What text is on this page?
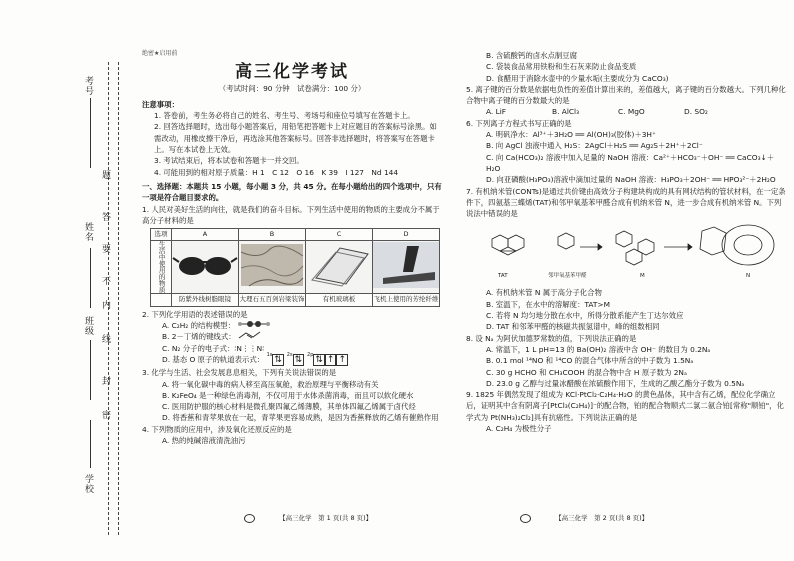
题
答
要
不
内
线
封
密
考号
姓名
班级
学校
绝密★启用前
高三化学考试
（考试时间：90 分钟　试卷满分：100 分）

注意事项：

1. 答卷前，考生务必将自己的姓名、考生号、考场号和座位号填写在答题卡上。

2. 回答选择题时，选出每小题答案后，用铅笔把答题卡上对应题目的答案标号涂黑。如需改动，用橡皮擦干净后，再选涂其他答案标号。回答非选择题时，将答案写在答题卡上。写在本试卷上无效。

3. 考试结束后，将本试卷和答题卡一并交回。

4. 可能用到的相对原子质量：H 1　C 12　O 16　K 39　I 127　Nd 144

一、选择题：本题共 15 小题，每小题 3 分，共 45 分。在每小题给出的四个选项中，只有一项是符合题目要求的。

1. 人民对美好生活的向往，就是我们的奋斗目标。下列生活中使用的物质的主要成分不属于高分子材料的是

选项	A	B	C	D
生活中使用的物质				
	防紫外线树脂眼镜	大理石五百剑岩梁装饰	有机玻璃板	飞机上使用的芳纶纤维

2. 下列化学用语的表述错误的是

A. C₂H₂ 的结构模型：

B. 2－丁烯的键线式：

C. N₂ 分子的电子式：∶N⋮⋮N∶

D. 基态 O 原子的轨道表示式： $^{1s}$ ⇅ $^{2s}$ ⇅ $^{2p}$ ⇅ ↑ ↑

3. 化学与生活、社会发展息息相关，下列有关说法错误的是

A. 将一氧化碳中毒的病人移至高压氧舱，救治原理与平衡移动有关

B. K₂FeO₄ 是一种绿色消毒剂，不仅可用于水体杀菌消毒，而且可以软化硬水

C. 医用防护服的核心材料是微孔聚四氟乙烯薄膜，其单体四氟乙烯属于卤代烃

D. 将香蕉和青苹果放在一起，青苹果更容易成熟，是因为香蕉释放的乙烯有催熟作用

4. 下列物质的应用中，涉及氧化还原反应的是

A. 热的纯碱溶液清洗油污

【高三化学　第 1 页(共 8 页)】

B. 含硫酸钙的卤水点制豆腐

C. 袋装食品常用铁粉和生石灰来防止食品变质

D. 食醋用于消除水壶中的少量水垢(主要成分为 CaCO₃)

5. 离子键的百分数是依据电负性的差值计算出来的，差值越大，离子键的百分数越大。下列几种化合物中离子键的百分数最大的是

A. LiF	B. AlCl₃	C. MgO	D. SO₂

6. 下列离子方程式书写正确的是

A. 明矾净水：Al³⁺＋3H₂O ══ Al(OH)₃(胶体)＋3H⁺

B. 向 AgCl 浊液中通入 H₂S：2AgCl＋H₂S ══ Ag₂S＋2H⁺＋2Cl⁻

C. 向 Ca(HCO₃)₂ 溶液中加入足量的 NaOH 溶液：Ca²⁺＋HCO₃⁻＋OH⁻ ══ CaCO₃↓＋H₂O

D. 向亚磷酸(H₃PO₃)溶液中滴加过量的 NaOH 溶液：H₃PO₃＋2OH⁻ ══ HPO₃²⁻＋2H₂O

7. 有机纳米管(CONTs)是通过共价键由高效分子构建块构成的具有网状结构的管状材料，在一定条件下，四氨基三蝶烯(TAT)和邻甲氧基苯甲醛合成有机纳米管 N，进一步合成有机纳米管 N。下列说法中错误的是

TAT	邻甲氧基苯甲醛	M	N

A. 有机纳米管 N 属于高分子化合物

B. 室温下，在水中的溶解度：TAT>M

C. 若将 N 均匀地分散在水中，所得分散系能产生丁达尔效应

D. TAT 和邻苯甲醛的核磁共振氢谱中，峰的组数相同

8. 设 Nₐ 为阿伏加德罗常数的值，下列说法正确的是

A. 常温下，1 L pH=13 的 Ba(OH)₂ 溶液中含 OH⁻ 的数目为 0.2Nₐ

B. 0.1 mol ¹⁴NO 和 ¹⁴CO 的混合气体中所含的中子数为 1.5Nₐ

C. 30 g HCHO 和 CH₃COOH 的混合物中含 H 原子数为 2Nₐ

D. 23.0 g 乙醇与过量冰醋酸在浓硫酸作用下，生成的乙酸乙酯分子数为 0.5Nₐ

9. 1825 年偶然发现了组成为 KCl·PtCl₂·C₂H₄·H₂O 的黄色晶体，其中含有乙烯，配位化学确立后，证明其中含有阴离子[PtCl₃(C₂H₄)]⁻的配合物，铂的配合物顺式二氯二氨合铂[常称"顺铂"，化学式为 Pt(NH₃)₂Cl₂]具有抗癌性。下列说法正确的是

A. C₂H₄ 为极性分子

【高三化学　第 2 页(共 8 页)】
